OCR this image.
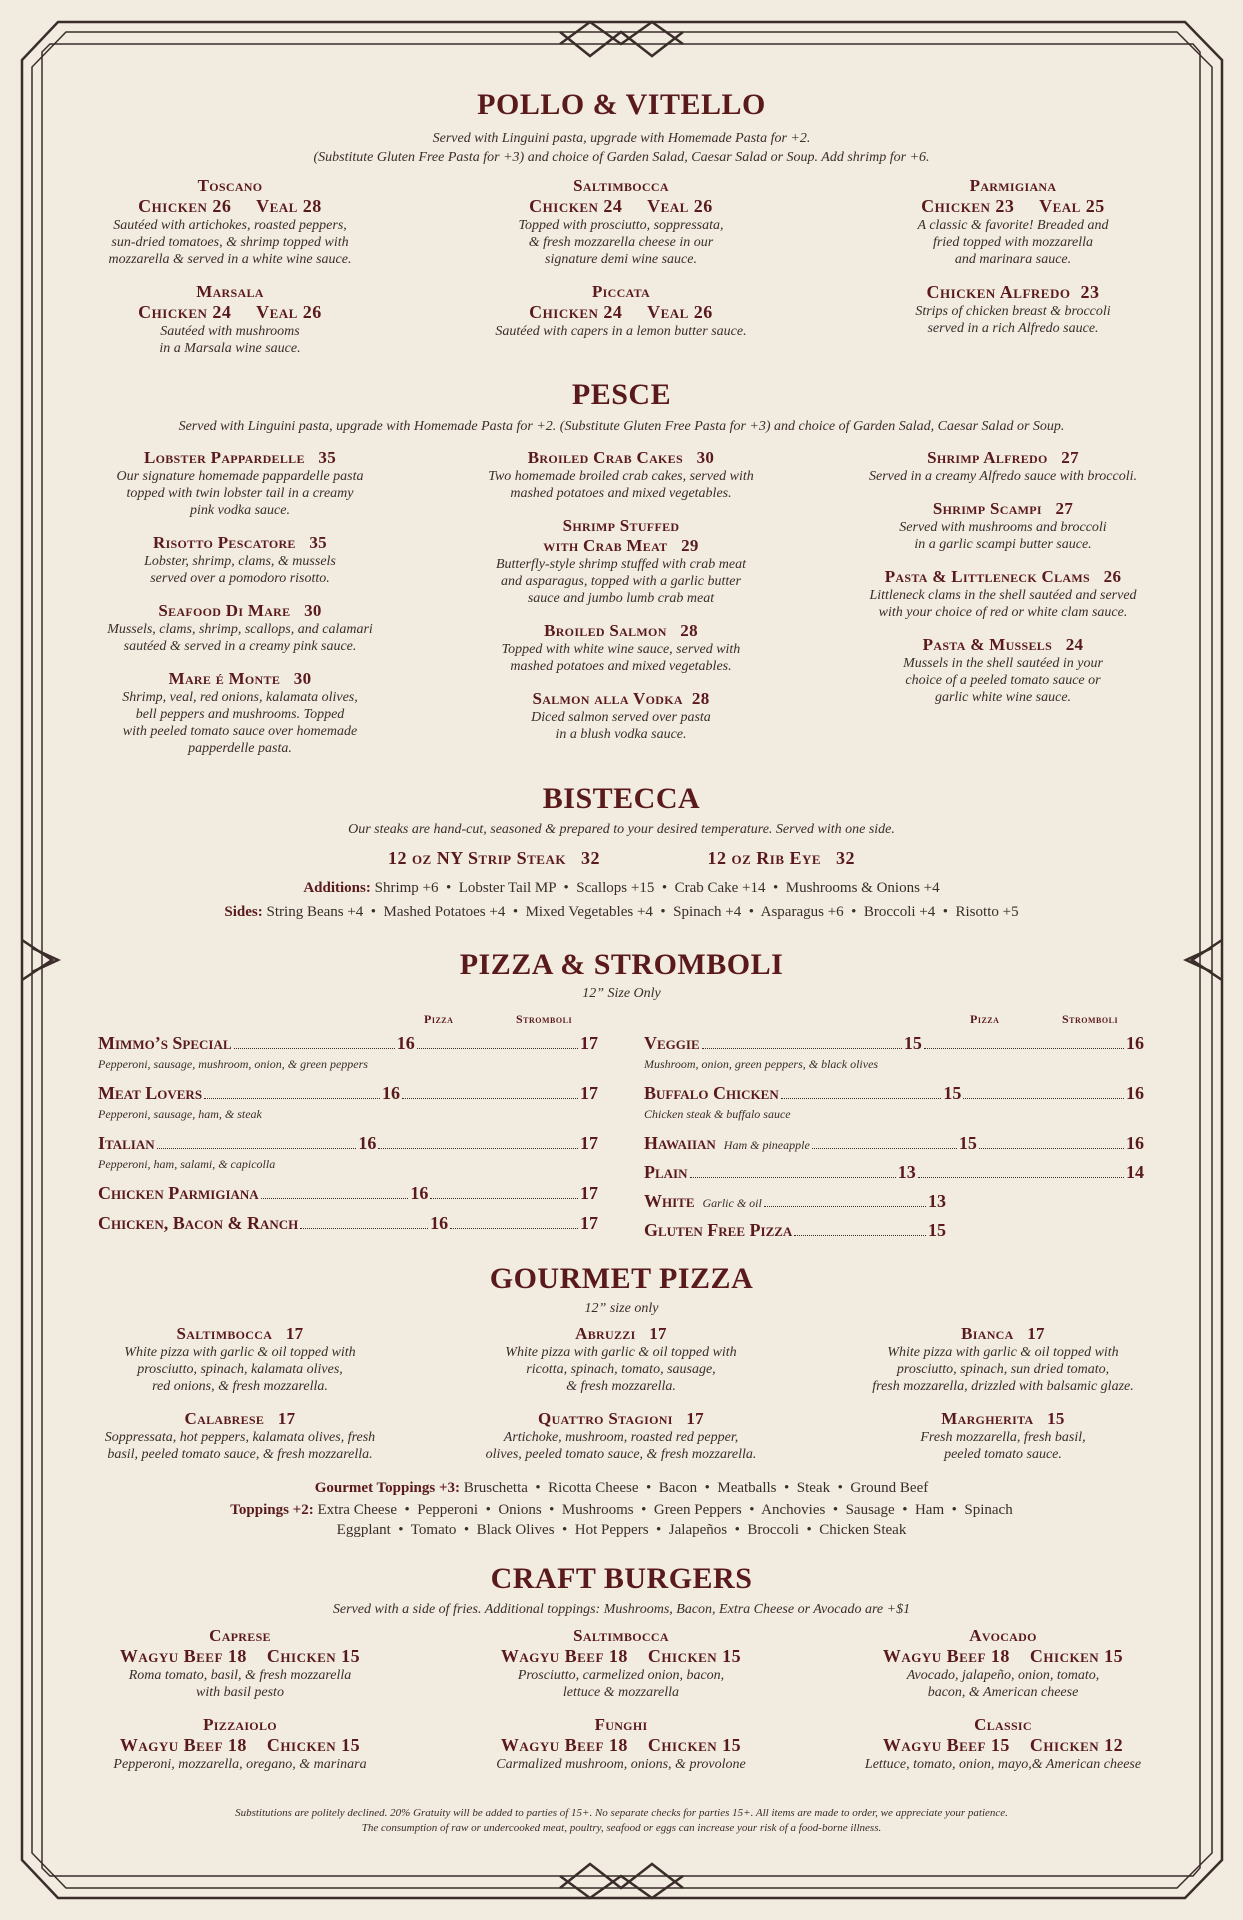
POLLO & VITELLO
Served with Linguini pasta, upgrade with Homemade Pasta for +2.
(Substitute Gluten Free Pasta for +3) and choice of Garden Salad, Caesar Salad or Soup. Add shrimp for +6.
Toscano
Chicken 26     Veal 28
Sautéed with artichokes, roasted peppers,
sun-dried tomatoes, & shrimp topped with
mozzarella & served in a white wine sauce.
Marsala
Chicken 24     Veal 26
Sautéed with mushrooms
in a Marsala wine sauce.
Saltimbocca
Chicken 24     Veal 26
Topped with prosciutto, soppressata,
& fresh mozzarella cheese in our
signature demi wine sauce.
Piccata
Chicken 24     Veal 26
Sautéed with capers in a lemon butter sauce.
Parmigiana
Chicken 23     Veal 25
A classic & favorite! Breaded and
fried topped with mozzarella
and marinara sauce.
Chicken Alfredo  23
Strips of chicken breast & broccoli
served in a rich Alfredo sauce.
PESCE
Served with Linguini pasta, upgrade with Homemade Pasta for +2. (Substitute Gluten Free Pasta for +3) and choice of Garden Salad, Caesar Salad or Soup.
Lobster Pappardelle   35
Our signature homemade pappardelle pasta
topped with twin lobster tail in a creamy
pink vodka sauce.
Risotto Pescatore   35
Lobster, shrimp, clams, & mussels
served over a pomodoro risotto.
Seafood Di Mare   30
Mussels, clams, shrimp, scallops, and calamari
sautéed & served in a creamy pink sauce.
Mare é Monte   30
Shrimp, veal, red onions, kalamata olives,
bell peppers and mushrooms. Topped
with peeled tomato sauce over homemade
papperdelle pasta.
Broiled Crab Cakes   30
Two homemade broiled crab cakes, served with
mashed potatoes and mixed vegetables.
Shrimp Stuffed
with Crab Meat   29
Butterfly-style shrimp stuffed with crab meat
and asparagus, topped with a garlic butter
sauce and jumbo lumb crab meat
Broiled Salmon   28
Topped with white wine sauce, served with
mashed potatoes and mixed vegetables.
Salmon alla Vodka  28
Diced salmon served over pasta
in a blush vodka sauce.
Shrimp Alfredo   27
Served in a creamy Alfredo sauce with broccoli.
Shrimp Scampi   27
Served with mushrooms and broccoli
in a garlic scampi butter sauce.
Pasta & Littleneck Clams   26
Littleneck clams in the shell sautéed and served
with your choice of red or white clam sauce.
Pasta & Mussels   24
Mussels in the shell sautéed in your
choice of a peeled tomato sauce or
garlic white wine sauce.
BISTECCA
Our steaks are hand-cut, seasoned & prepared to your desired temperature. Served with one side.
12 oz NY Strip Steak   32	12 oz Rib Eye   32
Additions: Shrimp +6  •  Lobster Tail MP  •  Scallops +15  •  Crab Cake +14  •  Mushrooms & Onions +4
Sides: String Beans +4  •  Mashed Potatoes +4  •  Mixed Vegetables +4  •  Spinach +4  •  Asparagus +6  •  Broccoli +4  •  Risotto +5
PIZZA & STROMBOLI
12” Size Only
Pizza	Stromboli	Pizza	Stromboli
Mimmo’s Special	16	17
Pepperoni, sausage, mushroom, onion, & green peppers
Meat Lovers	16	17
Pepperoni, sausage, ham, & steak
Italian	16	17
Pepperoni, ham, salami, & capicolla
Chicken Parmigiana	16	17
Chicken, Bacon & Ranch	16	17
Veggie	15	16
Mushroom, onion, green peppers, & black olives
Buffalo Chicken	15	16
Chicken steak & buffalo sauce
Hawaiian Ham & pineapple	15	16
Plain	13	14
White Garlic & oil	13
Gluten Free Pizza	15
GOURMET PIZZA
12” size only
Saltimbocca   17
White pizza with garlic & oil topped with
prosciutto, spinach, kalamata olives,
red onions, & fresh mozzarella.
Calabrese   17
Soppressata, hot peppers, kalamata olives, fresh
basil, peeled tomato sauce, & fresh mozzarella.
Abruzzi   17
White pizza with garlic & oil topped with
ricotta, spinach, tomato, sausage,
& fresh mozzarella.
Quattro Stagioni   17
Artichoke, mushroom, roasted red pepper,
olives, peeled tomato sauce, & fresh mozzarella.
Bianca   17
White pizza with garlic & oil topped with
prosciutto, spinach, sun dried tomato,
fresh mozzarella, drizzled with balsamic glaze.
Margherita   15
Fresh mozzarella, fresh basil,
peeled tomato sauce.
Gourmet Toppings +3: Bruschetta  •  Ricotta Cheese  •  Bacon  •  Meatballs  •  Steak  •  Ground Beef
Toppings +2: Extra Cheese  •  Pepperoni  •  Onions  •  Mushrooms  •  Green Peppers  •  Anchovies  •  Sausage  •  Ham  •  Spinach
Eggplant  •  Tomato  •  Black Olives  •  Hot Peppers  •  Jalapeños  •  Broccoli  •  Chicken Steak
CRAFT BURGERS
Served with a side of fries. Additional toppings: Mushrooms, Bacon, Extra Cheese or Avocado are +$1
Caprese
Wagyu Beef 18    Chicken 15
Roma tomato, basil, & fresh mozzarella
with basil pesto
Pizzaiolo
Wagyu Beef 18    Chicken 15
Pepperoni, mozzarella, oregano, & marinara
Saltimbocca
Wagyu Beef 18    Chicken 15
Prosciutto, carmelized onion, bacon,
lettuce & mozzarella
Funghi
Wagyu Beef 18    Chicken 15
Carmalized mushroom, onions, & provolone
Avocado
Wagyu Beef 18    Chicken 15
Avocado, jalapeño, onion, tomato,
bacon, & American cheese
Classic
Wagyu Beef 15    Chicken 12
Lettuce, tomato, onion, mayo,& American cheese
Substitutions are politely declined. 20% Gratuity will be added to parties of 15+. No separate checks for parties 15+. All items are made to order, we appreciate your patience.
The consumption of raw or undercooked meat, poultry, seafood or eggs can increase your risk of a food-borne illness.
